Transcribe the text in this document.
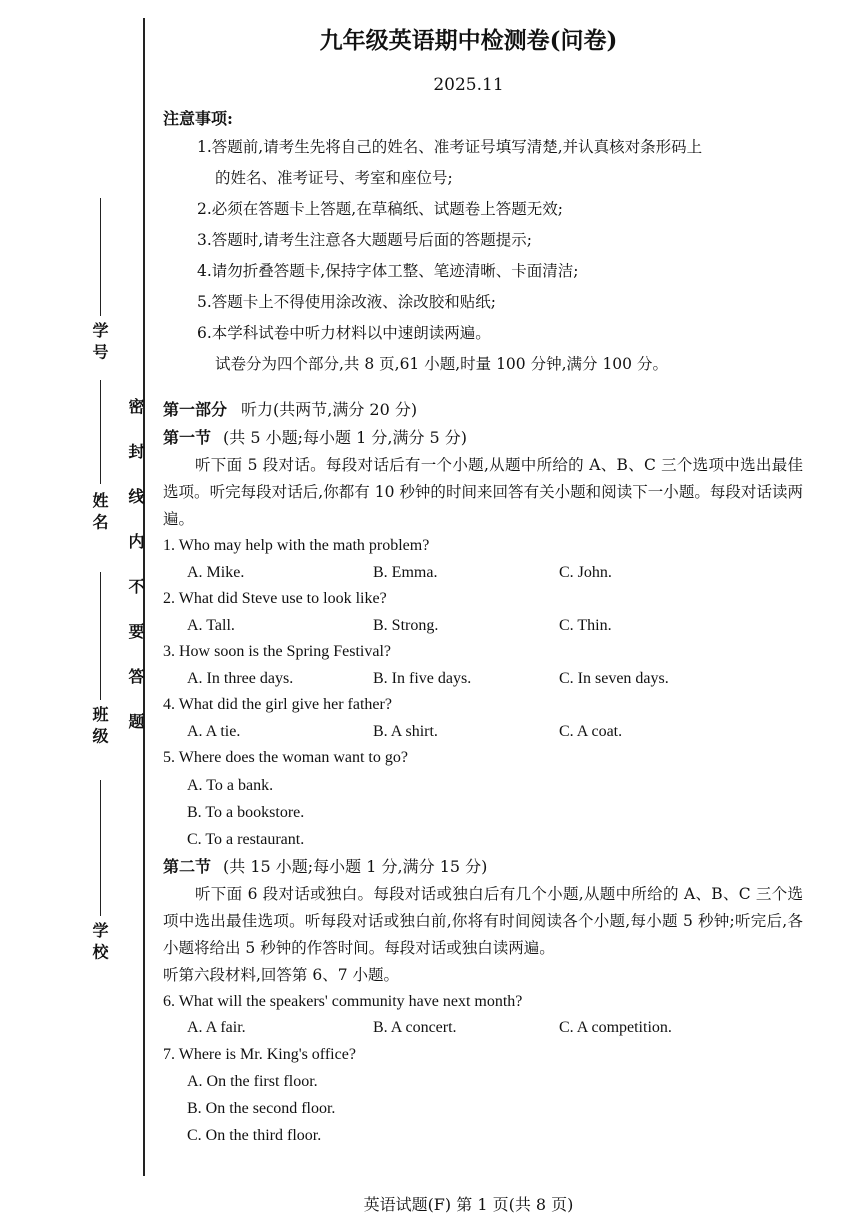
学 号
姓 名
班 级
学 校
密封线内不要答题
九年级英语期中检测卷(问卷)
2025.11
注意事项:
1.答题前,请考生先将自己的姓名、准考证号填写清楚,并认真核对条形码上
的姓名、准考证号、考室和座位号;
2.必须在答题卡上答题,在草稿纸、试题卷上答题无效;
3.答题时,请考生注意各大题题号后面的答题提示;
4.请勿折叠答题卡,保持字体工整、笔迹清晰、卡面清洁;
5.答题卡上不得使用涂改液、涂改胶和贴纸;
6.本学科试卷中听力材料以中速朗读两遍。
试卷分为四个部分,共 8 页,61 小题,时量 100 分钟,满分 100 分。
第一部分 听力(共两节,满分 20 分)
第一节 (共 5 小题;每小题 1 分,满分 5 分)
听下面 5 段对话。每段对话后有一个小题,从题中所给的 A、B、C 三个选项中选出最佳选项。听完每段对话后,你都有 10 秒钟的时间来回答有关小题和阅读下一小题。每段对话读两遍。
1. Who may help with the math problem?
A. Mike.	B. Emma.	C. John.
2. What did Steve use to look like?
A. Tall.	B. Strong.	C. Thin.
3. How soon is the Spring Festival?
A. In three days.	B. In five days.	C. In seven days.
4. What did the girl give her father?
A. A tie.	B. A shirt.	C. A coat.
5. Where does the woman want to go?
A. To a bank.
B. To a bookstore.
C. To a restaurant.
第二节 (共 15 小题;每小题 1 分,满分 15 分)
听下面 6 段对话或独白。每段对话或独白后有几个小题,从题中所给的 A、B、C 三个选项中选出最佳选项。听每段对话或独白前,你将有时间阅读各个小题,每小题 5 秒钟;听完后,各小题将给出 5 秒钟的作答时间。每段对话或独白读两遍。
听第六段材料,回答第 6、7 小题。
6. What will the speakers' community have next month?
A. A fair.	B. A concert.	C. A competition.
7. Where is Mr. King's office?
A. On the first floor.
B. On the second floor.
C. On the third floor.
英语试题(F) 第 1 页(共 8 页)
